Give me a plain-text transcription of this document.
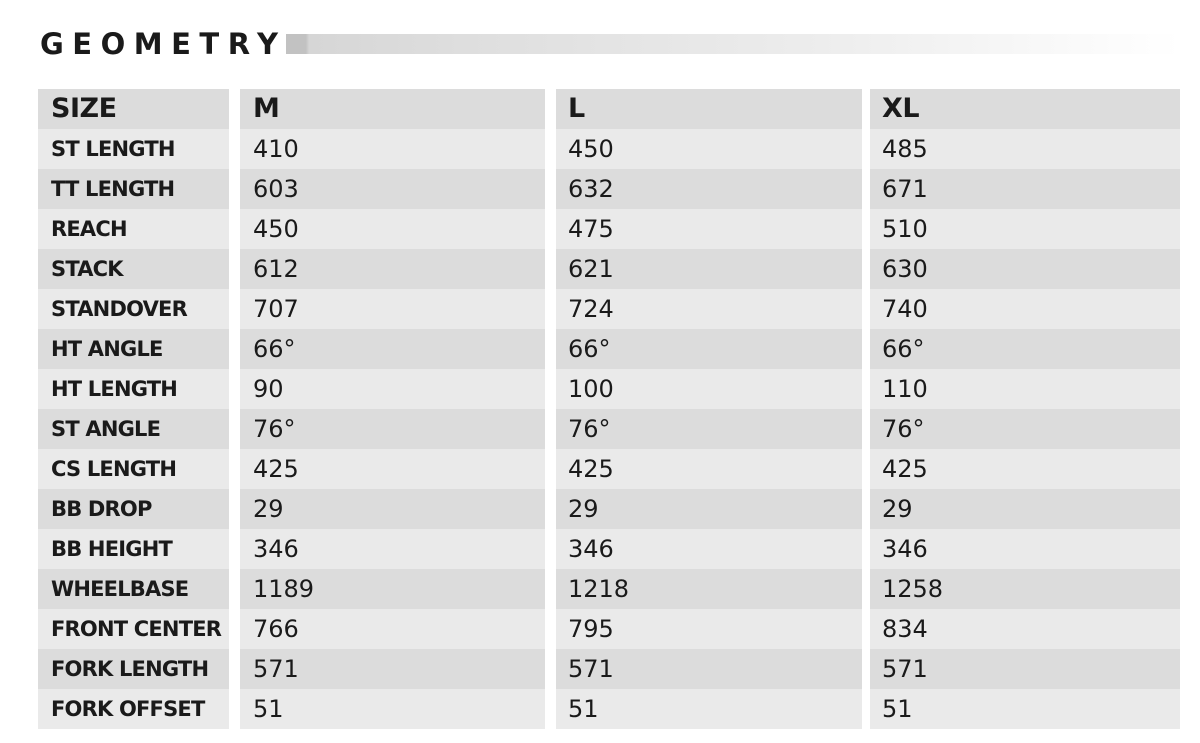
GEOMETRY
SIZE	M	L	XL
ST LENGTH	410	450	485
TT LENGTH	603	632	671
REACH	450	475	510
STACK	612	621	630
STANDOVER	707	724	740
HT ANGLE	66°	66°	66°
HT LENGTH	90	100	110
ST ANGLE	76°	76°	76°
CS LENGTH	425	425	425
BB DROP	29	29	29
BB HEIGHT	346	346	346
WHEELBASE	1189	1218	1258
FRONT CENTER	766	795	834
FORK LENGTH	571	571	571
FORK OFFSET	51	51	51
